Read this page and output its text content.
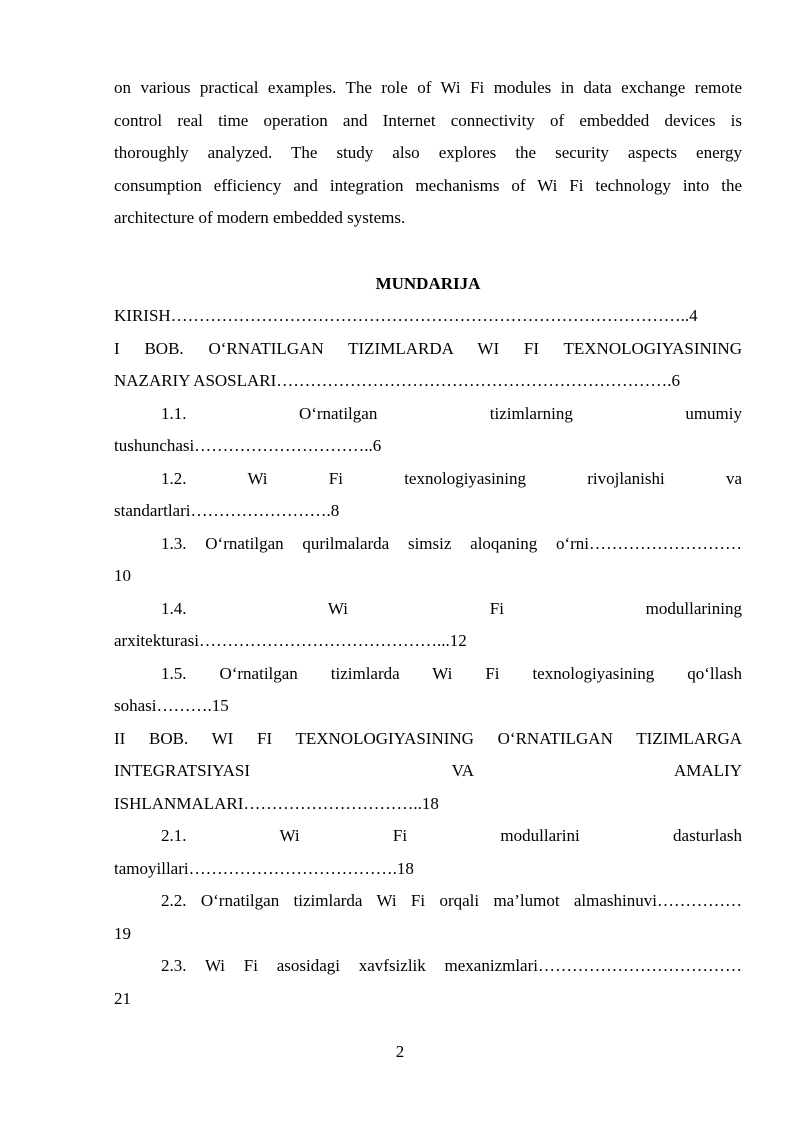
on various practical examples. The role of Wi Fi modules in data exchange remote

control real time operation and Internet connectivity of embedded devices is

thoroughly analyzed. The study also explores the security aspects energy

consumption efficiency and integration mechanisms of Wi Fi technology into the

architecture of modern embedded systems.

MUNDARIJA

KIRISH………………………………………………………………………………..4

I BOB. O‘RNATILGAN TIZIMLARDA WI FI TEXNOLOGIYASINING

NAZARIY ASOSLARI…………………………………………………………….6

1.1. O‘rnatilgan tizimlarning umumiy

tushunchasi…………………………..6

1.2. Wi Fi texnologiyasining rivojlanishi va

standartlari…………………….8

1.3. O‘rnatilgan qurilmalarda simsiz aloqaning o‘rni………………………

10

1.4. Wi Fi modullarining

arxitekturasi……………………………………...12

1.5. O‘rnatilgan tizimlarda Wi Fi texnologiyasining qo‘llash

sohasi……….15

II BOB. WI FI TEXNOLOGIYASINING O‘RNATILGAN TIZIMLARGA

INTEGRATSIYASI VA AMALIY

ISHLANMALARI…………………………..18

2.1. Wi Fi modullarini dasturlash

tamoyillari……………………………….18

2.2. O‘rnatilgan tizimlarda Wi Fi orqali ma’lumot almashinuvi……………

19

2.3. Wi Fi asosidagi xavfsizlik mexanizmlari………………………………

21

2
